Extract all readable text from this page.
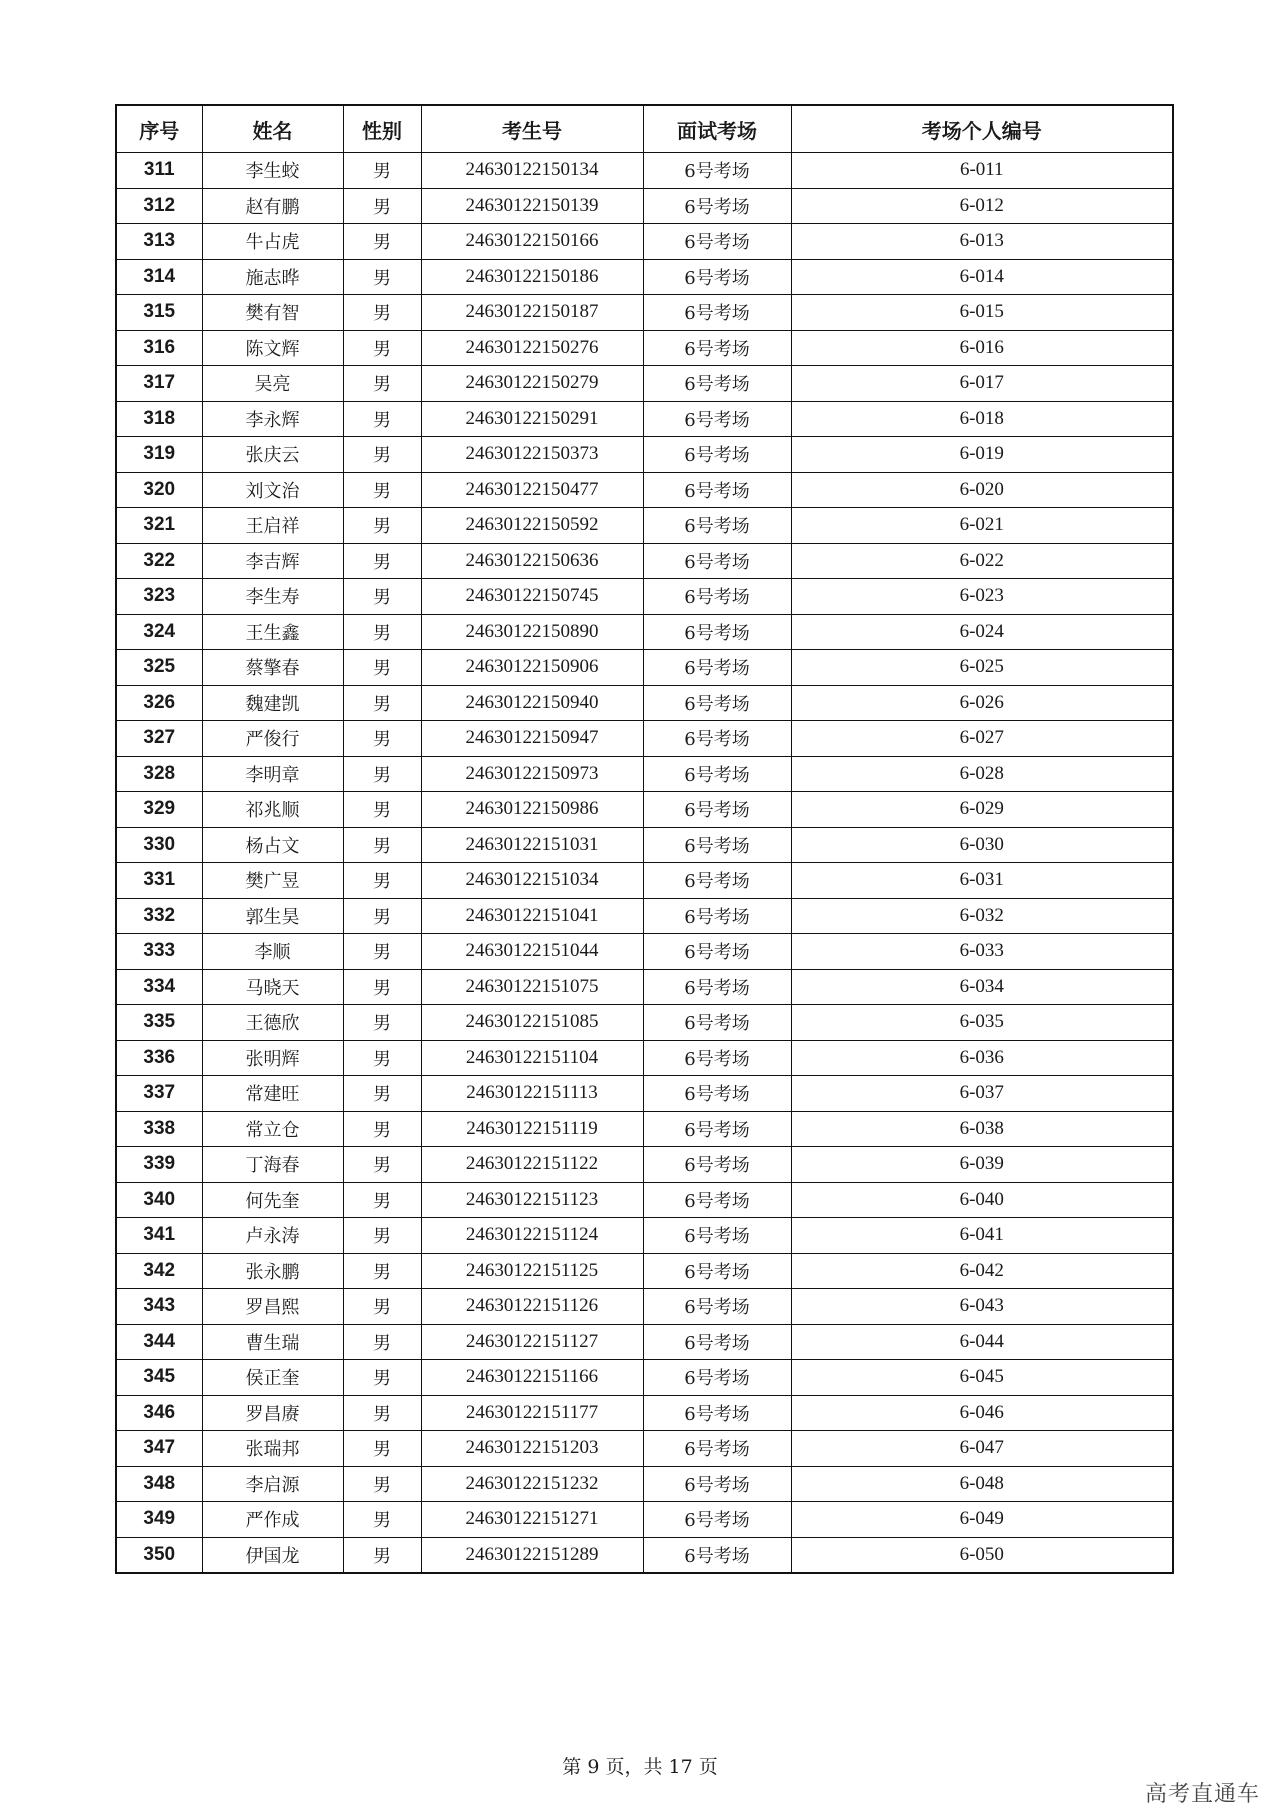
序号	姓名	性别	考生号	面试考场	考场个人编号
311	李生蛟	男	24630122150134	6号考场	6-011
312	赵有鹏	男	24630122150139	6号考场	6-012
313	牛占虎	男	24630122150166	6号考场	6-013
314	施志晔	男	24630122150186	6号考场	6-014
315	樊有智	男	24630122150187	6号考场	6-015
316	陈文辉	男	24630122150276	6号考场	6-016
317	吴亮	男	24630122150279	6号考场	6-017
318	李永辉	男	24630122150291	6号考场	6-018
319	张庆云	男	24630122150373	6号考场	6-019
320	刘文治	男	24630122150477	6号考场	6-020
321	王启祥	男	24630122150592	6号考场	6-021
322	李吉辉	男	24630122150636	6号考场	6-022
323	李生寿	男	24630122150745	6号考场	6-023
324	王生鑫	男	24630122150890	6号考场	6-024
325	蔡擎春	男	24630122150906	6号考场	6-025
326	魏建凯	男	24630122150940	6号考场	6-026
327	严俊行	男	24630122150947	6号考场	6-027
328	李明章	男	24630122150973	6号考场	6-028
329	祁兆顺	男	24630122150986	6号考场	6-029
330	杨占文	男	24630122151031	6号考场	6-030
331	樊广昱	男	24630122151034	6号考场	6-031
332	郭生昊	男	24630122151041	6号考场	6-032
333	李顺	男	24630122151044	6号考场	6-033
334	马晓天	男	24630122151075	6号考场	6-034
335	王德欣	男	24630122151085	6号考场	6-035
336	张明辉	男	24630122151104	6号考场	6-036
337	常建旺	男	24630122151113	6号考场	6-037
338	常立仓	男	24630122151119	6号考场	6-038
339	丁海春	男	24630122151122	6号考场	6-039
340	何先奎	男	24630122151123	6号考场	6-040
341	卢永涛	男	24630122151124	6号考场	6-041
342	张永鹏	男	24630122151125	6号考场	6-042
343	罗昌熙	男	24630122151126	6号考场	6-043
344	曹生瑞	男	24630122151127	6号考场	6-044
345	侯正奎	男	24630122151166	6号考场	6-045
346	罗昌赓	男	24630122151177	6号考场	6-046
347	张瑞邦	男	24630122151203	6号考场	6-047
348	李启源	男	24630122151232	6号考场	6-048
349	严作成	男	24630122151271	6号考场	6-049
350	伊国龙	男	24630122151289	6号考场	6-050
第 9 页，共 17 页
高考直通车
